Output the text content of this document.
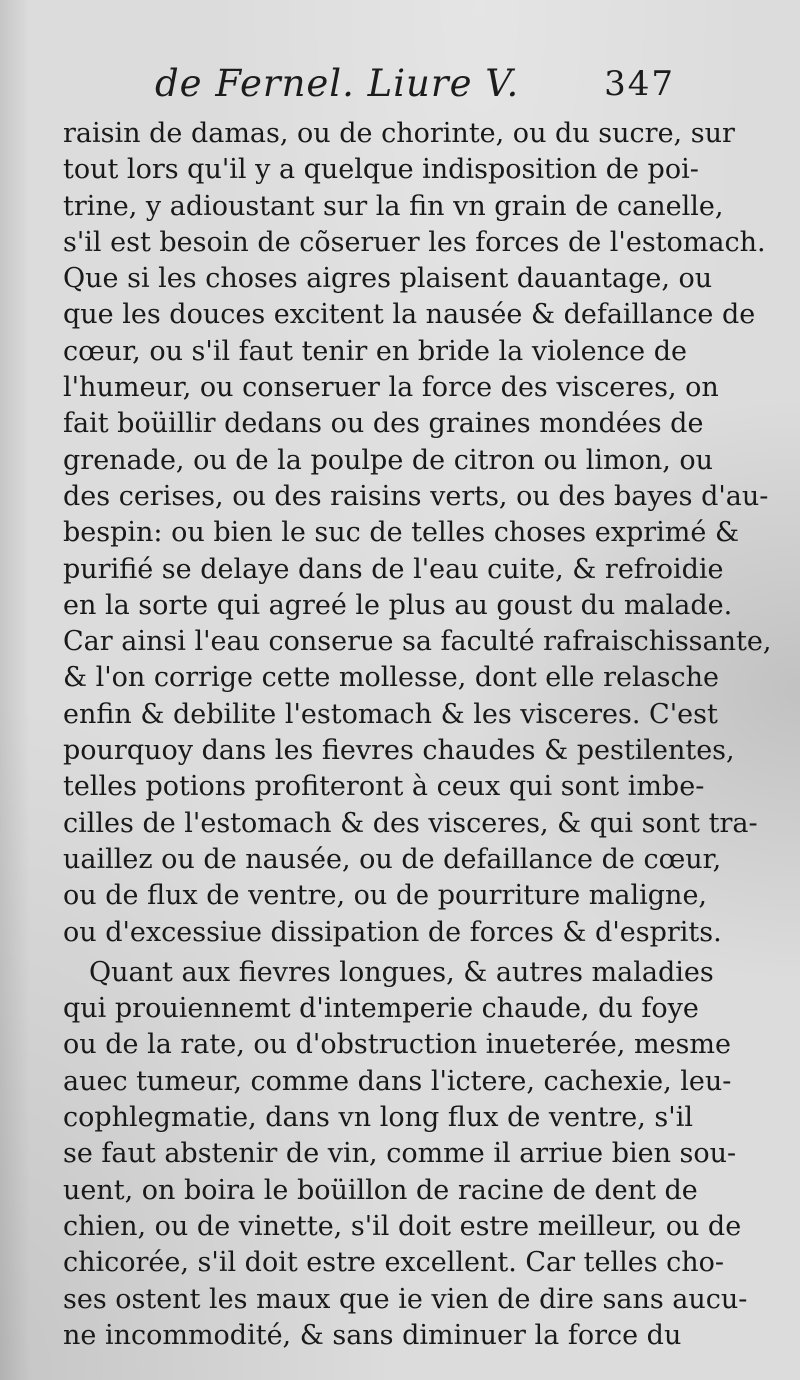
de Fernel. Liure V. 347
raisin de damas, ou de chorinte, ou du sucre, sur
tout lors qu'il y a quelque indisposition de poi-
trine, y adioustant sur la fin vn grain de canelle,
s'il est besoin de cõseruer les forces de l'estomach.
Que si les choses aigres plaisent dauantage, ou
que les douces excitent la nausée & defaillance de
cœur, ou s'il faut tenir en bride la violence de
l'humeur, ou conseruer la force des visceres, on
fait boüillir dedans ou des graines mondées de
grenade, ou de la poulpe de citron ou limon, ou
des cerises, ou des raisins verts, ou des bayes d'au-
bespin: ou bien le suc de telles choses exprimé &
purifié se delaye dans de l'eau cuite, & refroidie
en la sorte qui agreé le plus au goust du malade.
Car ainsi l'eau conserue sa faculté rafraischissante,
& l'on corrige cette mollesse, dont elle relasche
enfin & debilite l'estomach & les visceres. C'est
pourquoy dans les fievres chaudes & pestilentes,
telles potions profiteront à ceux qui sont imbe-
cilles de l'estomach & des visceres, & qui sont tra-
uaillez ou de nausée, ou de defaillance de cœur,
ou de flux de ventre, ou de pourriture maligne,
ou d'excessiue dissipation de forces & d'esprits.
Quant aux fievres longues, & autres maladies
qui prouiennemt d'intemperie chaude, du foye
ou de la rate, ou d'obstruction inueterée, mesme
auec tumeur, comme dans l'ictere, cachexie, leu-
cophlegmatie, dans vn long flux de ventre, s'il
se faut abstenir de vin, comme il arriue bien sou-
uent, on boira le boüillon de racine de dent de
chien, ou de vinette, s'il doit estre meilleur, ou de
chicorée, s'il doit estre excellent. Car telles cho-
ses ostent les maux que ie vien de dire sans aucu-
ne incommodité, & sans diminuer la force du
